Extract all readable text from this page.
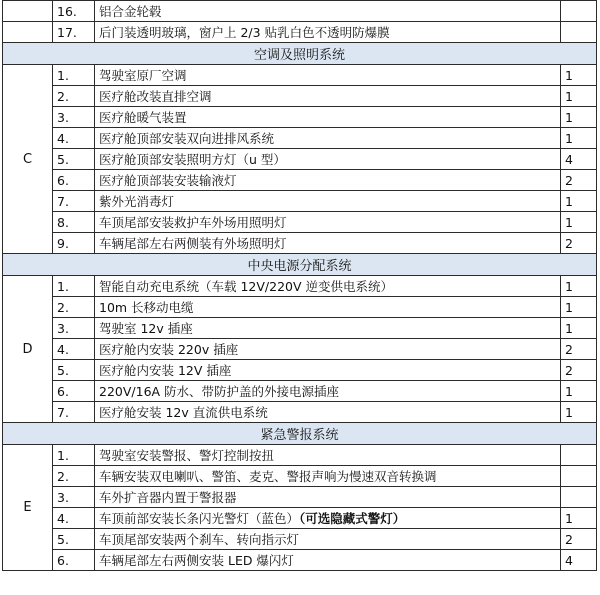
	16.	铝合金轮毂	
	17.	后门装透明玻璃，窗户上 2/3 贴乳白色不透明防爆膜	
空调及照明系统			
C	1.	驾驶室原厂空调	1
	2.	医疗舱改装直排空调	1
	3.	医疗舱暖气装置	1
	4.	医疗舱顶部安装双向进排风系统	1
	5.	医疗舱顶部安装照明方灯（u 型）	4
	6.	医疗舱顶部装安装输液灯	2
	7.	紫外光消毒灯	1
	8.	车顶尾部安装救护车外场用照明灯	1
	9.	车辆尾部左右两侧装有外场照明灯	2
中央电源分配系统			
D	1.	智能自动充电系统（车载 12V/220V 逆变供电系统）	1
	2.	10m 长移动电缆	1
	3.	驾驶室 12v 插座	1
	4.	医疗舱内安装 220v 插座	2
	5.	医疗舱内安装 12V 插座	2
	6.	220V/16A 防水、带防护盖的外接电源插座	1
	7.	医疗舱安装 12v 直流供电系统	1
紧急警报系统			
E	1.	驾驶室安装警报、警灯控制按扭	
	2.	车辆安装双电喇叭、警笛、麦克、警报声响为慢速双音转换调	
	3.	车外扩音器内置于警报器	
	4.	车顶前部安装长条闪光警灯（蓝色）（可选隐藏式警灯）	1
	5.	车顶尾部安装两个刹车、转向指示灯	2
	6.	车辆尾部左右两侧安装 LED 爆闪灯	4
